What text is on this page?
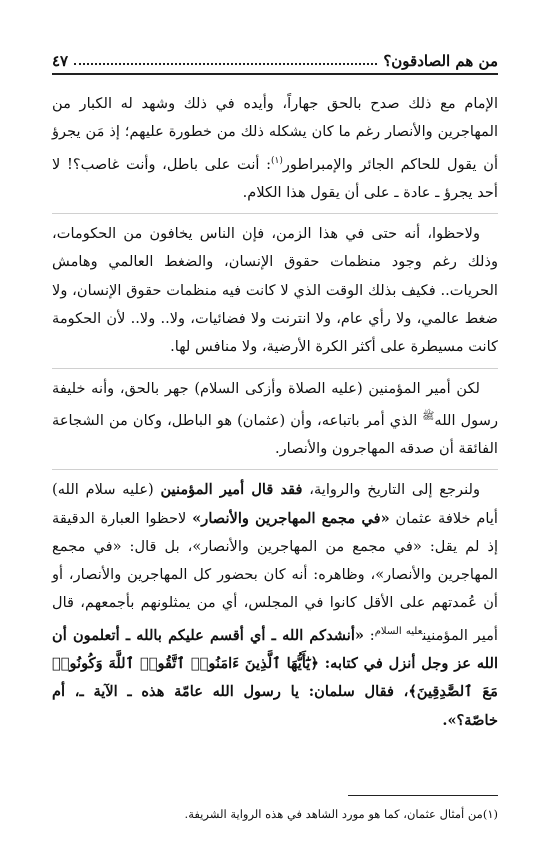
من هم الصادقون؟
٤٧

الإمام مع ذلك صدح بالحق جهاراً، وأيده في ذلك وشهد له الكبار من المهاجرين والأنصار رغم ما كان يشكله ذلك من خطورة عليهم؛ إذ مَن يجرؤ أن يقول للحاكم الجائر والإمبراطور$^{(١)}$: أنت على باطل، وأنت غاصب؟! لا أحد يجرؤ ـ عادة ـ على أن يقول هذا الكلام.

ولاحظوا، أنه حتى في هذا الزمن، فإن الناس يخافون من الحكومات، وذلك رغم وجود منظمات حقوق الإنسان، والضغط العالمي وهامش الحريات.. فكيف بذلك الوقت الذي لا كانت فيه منظمات حقوق الإنسان، ولا ضغط عالمي، ولا رأي عام، ولا انترنت ولا فضائيات، ولا.. ولا.. لأن الحكومة كانت مسيطرة على أكثر الكرة الأرضية، ولا منافس لها.

لكن أمير المؤمنين (عليه الصلاة وأزكى السلام) جهر بالحق، وأنه خليفة رسول الله$^ﷺ$ الذي أمر باتباعه، وأن (عثمان) هو الباطل، وكان من الشجاعة الفائقة أن صدقه المهاجرون والأنصار.

ولنرجع إلى التاريخ والرواية، فقد قال أمير المؤمنين (عليه سلام الله) أيام خلافة عثمان «في مجمع المهاجرين والأنصار» لاحظوا العبارة الدقيقة إذ لم يقل: «في مجمع من المهاجرين والأنصار»، بل قال: «في مجمع المهاجرين والأنصار»، وظاهره: أنه كان بحضور كل المهاجرين والأنصار، أو أن عُمدتهم على الأقل كانوا في المجلس، أي من يمثلونهم بأجمعهم، قال أمير المؤمنين$^{عليه السلام}$: «أنشدكم الله ـ أي أقسم عليكم بالله ـ أتعلمون أن الله عز وجل أنزل في كتابه: ﴿يَٰٓأَيُّهَا ٱلَّذِينَ ءَامَنُوا۟ ٱتَّقُوا۟ ٱللَّهَ وَكُونُوا۟ مَعَ ٱلصَّٰدِقِينَ﴾، فقال سلمان: يا رسول الله عامّة هذه ـ الآية ـ، أم خاصّة؟».

(١)من أمثال عثمان، كما هو مورد الشاهد في هذه الرواية الشريفة.
